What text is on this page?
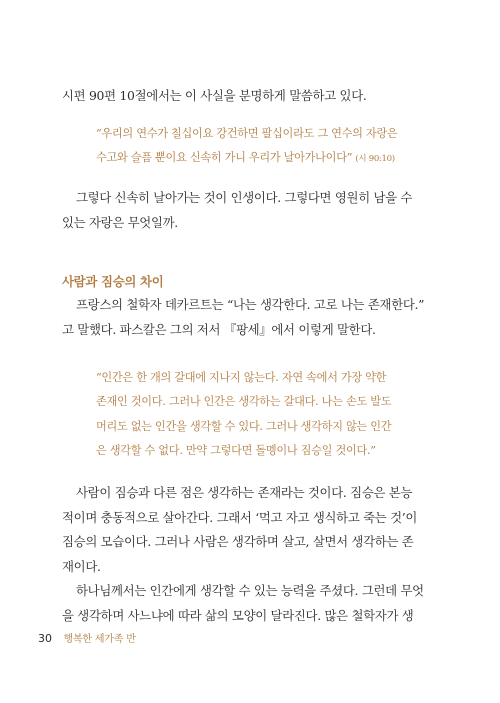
시편 90편 10절에서는 이 사실을 분명하게 말씀하고 있다.
“우리의 연수가 칠십이요 강건하면 팔십이라도 그 연수의 자랑은
수고와 슬픔 뿐이요 신속히 가니 우리가 날아가나이다” (시 90:10)
그렇다 신속히 날아가는 것이 인생이다. 그렇다면 영원히 남을 수
있는 자랑은 무엇일까.
사람과 짐승의 차이
프랑스의 철학자 데카르트는 “나는 생각한다. 고로 나는 존재한다.”
고 말했다. 파스칼은 그의 저서 『팡세』에서 이렇게 말한다.
“인간은 한 개의 갈대에 지나지 않는다. 자연 속에서 가장 약한
존재인 것이다. 그러나 인간은 생각하는 갈대다. 나는 손도 발도
머리도 없는 인간을 생각할 수 있다. 그러나 생각하지 않는 인간
은 생각할 수 없다. 만약 그렇다면 돌멩이나 짐승일 것이다.”
사람이 짐승과 다른 점은 생각하는 존재라는 것이다. 짐승은 본능
적이며 충동적으로 살아간다. 그래서 ‘먹고 자고 생식하고 죽는 것’이
짐승의 모습이다. 그러나 사람은 생각하며 살고, 살면서 생각하는 존
재이다.
하나님께서는 인간에게 생각할 수 있는 능력을 주셨다. 그런데 무엇
을 생각하며 사느냐에 따라 삶의 모양이 달라진다. 많은 철학자가 생
30 행복한 세가족 반
